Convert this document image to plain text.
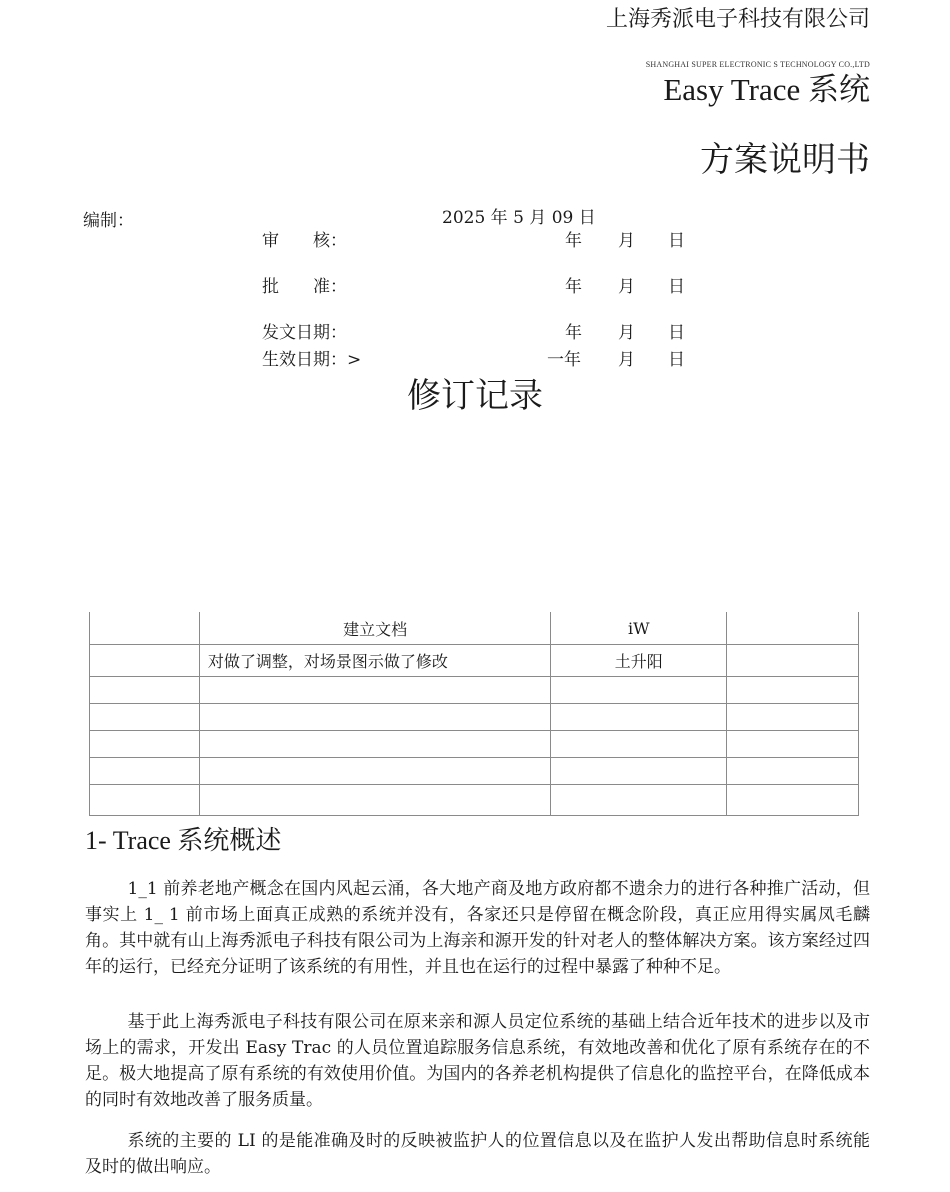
上海秀派电子科技有限公司
SHANGHAI SUPER ELECTRONIC S TECHNOLOGY CO.,LTD
Easy Trace 系统
方案说明书
编制：	2025 年 5 月 09 日
审　　核：	年 月 日
批　　准：	年 月 日
发文日期：	年 月 日
生效日期：>	一年 月 日
修订记录
	建立文档	iW	
	对做了调整，对场景图示做了修改	土升阳	

1- Trace 系统概述

1_1 前养老地产概念在国内风起云涌，各大地产商及地方政府都不遗余力的进行各种推广活动，但事实上 1_ 1 前市场上面真正成熟的系统并没有，各家还只是停留在概念阶段，真正应用得实属凤毛麟角。其中就有山上海秀派电子科技有限公司为上海亲和源开发的针对老人的整体解决方案。该方案经过四年的运行，已经充分证明了该系统的有用性，并且也在运行的过程中暴露了种种不足。

基于此上海秀派电子科技有限公司在原来亲和源人员定位系统的基础上结合近年技术的进步以及市场上的需求，开发出 Easy Trac 的人员位置追踪服务信息系统，有效地改善和优化了原有系统存在的不足。极大地提高了原有系统的有效使用价值。为国内的各养老机构提供了信息化的监控平台，在降低成本的同时有效地改善了服务质量。

系统的主要的 LI 的是能准确及时的反映被监护人的位置信息以及在监护人发出帮助信息时系统能及时的做出响应。
